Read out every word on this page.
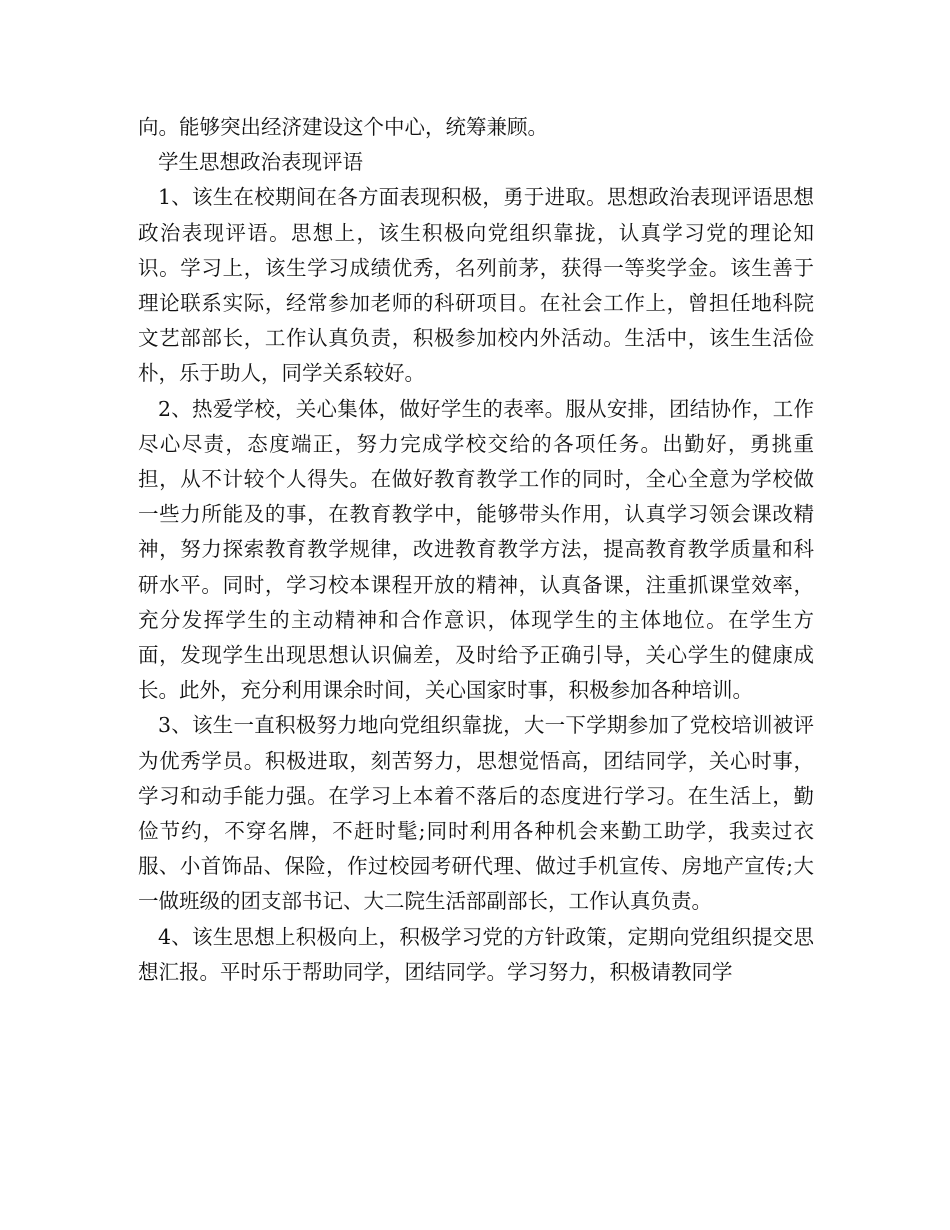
向。能够突出经济建设这个中心，统筹兼顾。

学生思想政治表现评语

1、该生在校期间在各方面表现积极，勇于进取。思想政治表现评语思想政治表现评语。思想上，该生积极向党组织靠拢，认真学习党的理论知识。学习上，该生学习成绩优秀，名列前茅，获得一等奖学金。该生善于理论联系实际，经常参加老师的科研项目。在社会工作上，曾担任地科院文艺部部长，工作认真负责，积极参加校内外活动。生活中，该生生活俭朴，乐于助人，同学关系较好。

2、热爱学校，关心集体，做好学生的表率。服从安排，团结协作，工作尽心尽责，态度端正，努力完成学校交给的各项任务。出勤好，勇挑重担，从不计较个人得失。在做好教育教学工作的同时，全心全意为学校做一些力所能及的事，在教育教学中，能够带头作用，认真学习领会课改精神，努力探索教育教学规律，改进教育教学方法，提高教育教学质量和科研水平。同时，学习校本课程开放的精神，认真备课，注重抓课堂效率，充分发挥学生的主动精神和合作意识，体现学生的主体地位。在学生方面，发现学生出现思想认识偏差，及时给予正确引导，关心学生的健康成长。此外，充分利用课余时间，关心国家时事，积极参加各种培训。

3、该生一直积极努力地向党组织靠拢，大一下学期参加了党校培训被评为优秀学员。积极进取，刻苦努力，思想觉悟高，团结同学，关心时事，学习和动手能力强。在学习上本着不落后的态度进行学习。在生活上，勤俭节约，不穿名牌，不赶时髦;同时利用各种机会来勤工助学，我卖过衣服、小首饰品、保险，作过校园考研代理、做过手机宣传、房地产宣传;大一做班级的团支部书记、大二院生活部副部长，工作认真负责。

4、该生思想上积极向上，积极学习党的方针政策，定期向党组织提交思想汇报。平时乐于帮助同学，团结同学。学习努力，积极请教同学
